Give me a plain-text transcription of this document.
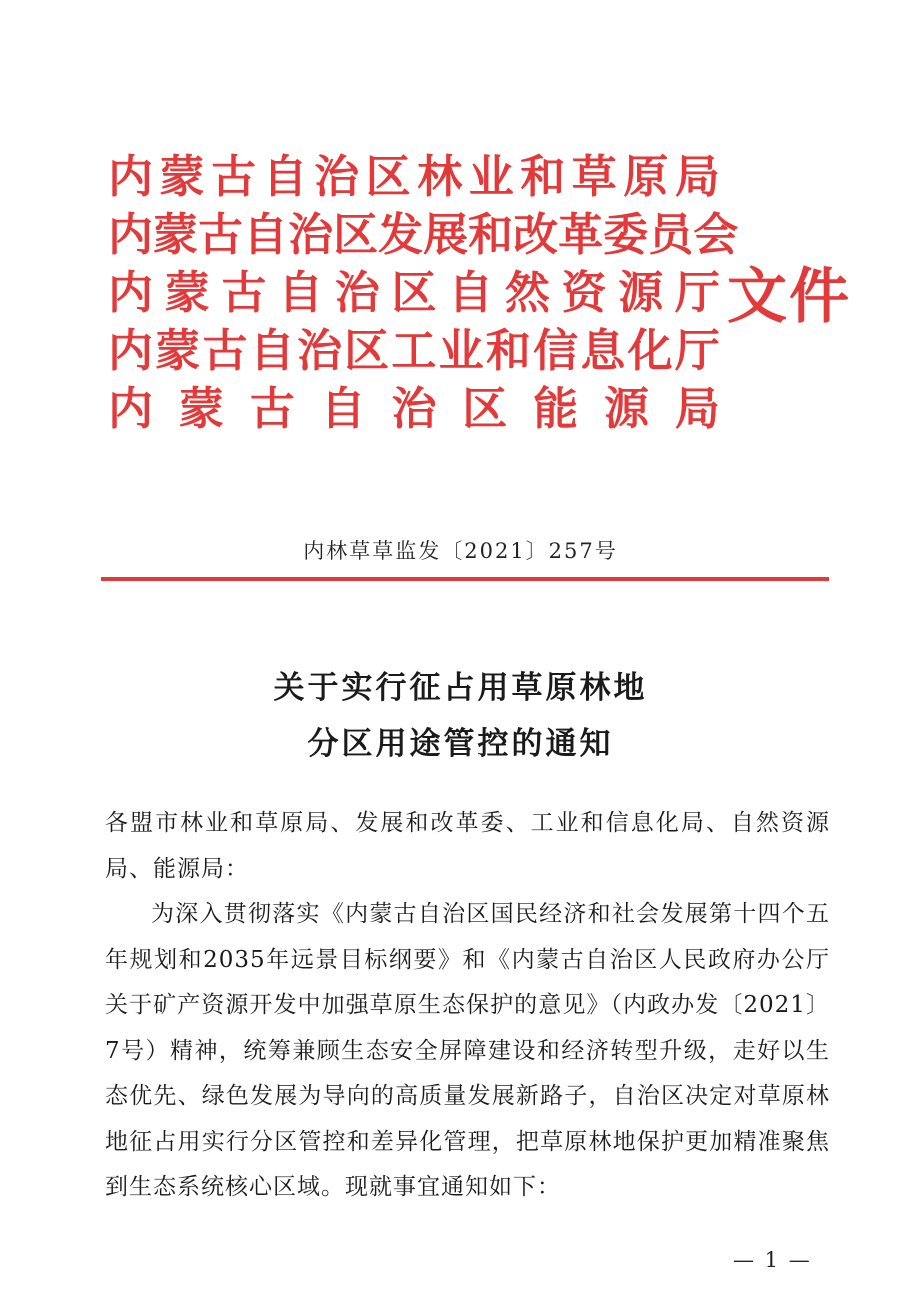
内 蒙 古 自 治 区 林 业 和 草 原 局
内 蒙 古 自 治 区 发 展 和 改 革 委 员 会
内 蒙 古 自 治 区 自 然 资 源 厅
内 蒙 古 自 治 区 工 业 和 信 息 化 厅
内 蒙 古 自 治 区 能 源 局
文件
内林草草监发〔2021〕257号
关于实行征占用草原林地
分区用途管控的通知

各盟市林业和草原局、发展和改革委、工业和信息化局、自然资源局、能源局：

为深入贯彻落实《内蒙古自治区国民经济和社会发展第十四个五年规划和2035年远景目标纲要》和《内蒙古自治区人民政府办公厅关于矿产资源开发中加强草原生态保护的意见》（内政办发〔2021〕7号）精神，统筹兼顾生态安全屏障建设和经济转型升级，走好以生态优先、绿色发展为导向的高质量发展新路子，自治区决定对草原林地征占用实行分区管控和差异化管理，把草原林地保护更加精准聚焦到生态系统核心区域。现就事宜通知如下：

— 1 —
